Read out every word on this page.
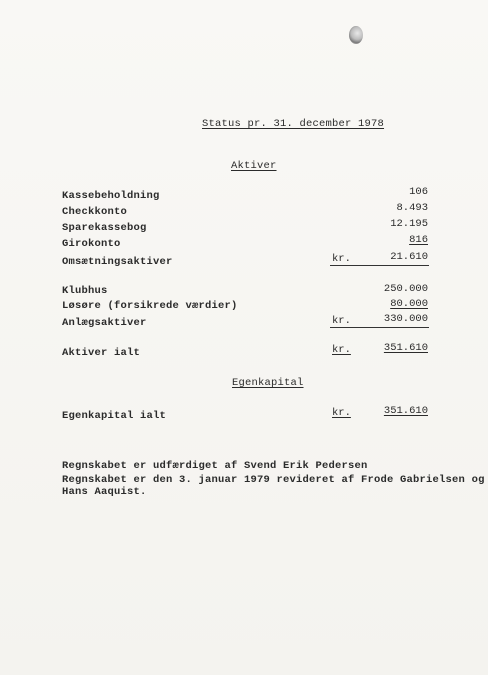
Status pr. 31. december 1978
Aktiver
Kassebeholdning	106
Checkkonto	8.493
Sparekassebog	12.195
Girokonto	816
Omsætningsaktiver	kr.	21.610
Klubhus	250.000
Løsøre (forsikrede værdier)	80.000
Anlægsaktiver	kr.	330.000
Aktiver ialt	kr.	351.610
Egenkapital
Egenkapital ialt	kr.	351.610
Regnskabet er udfærdiget af Svend Erik Pedersen
Regnskabet er den 3. januar 1979 revideret af Frode Gabrielsen og
Hans Aaquist.
